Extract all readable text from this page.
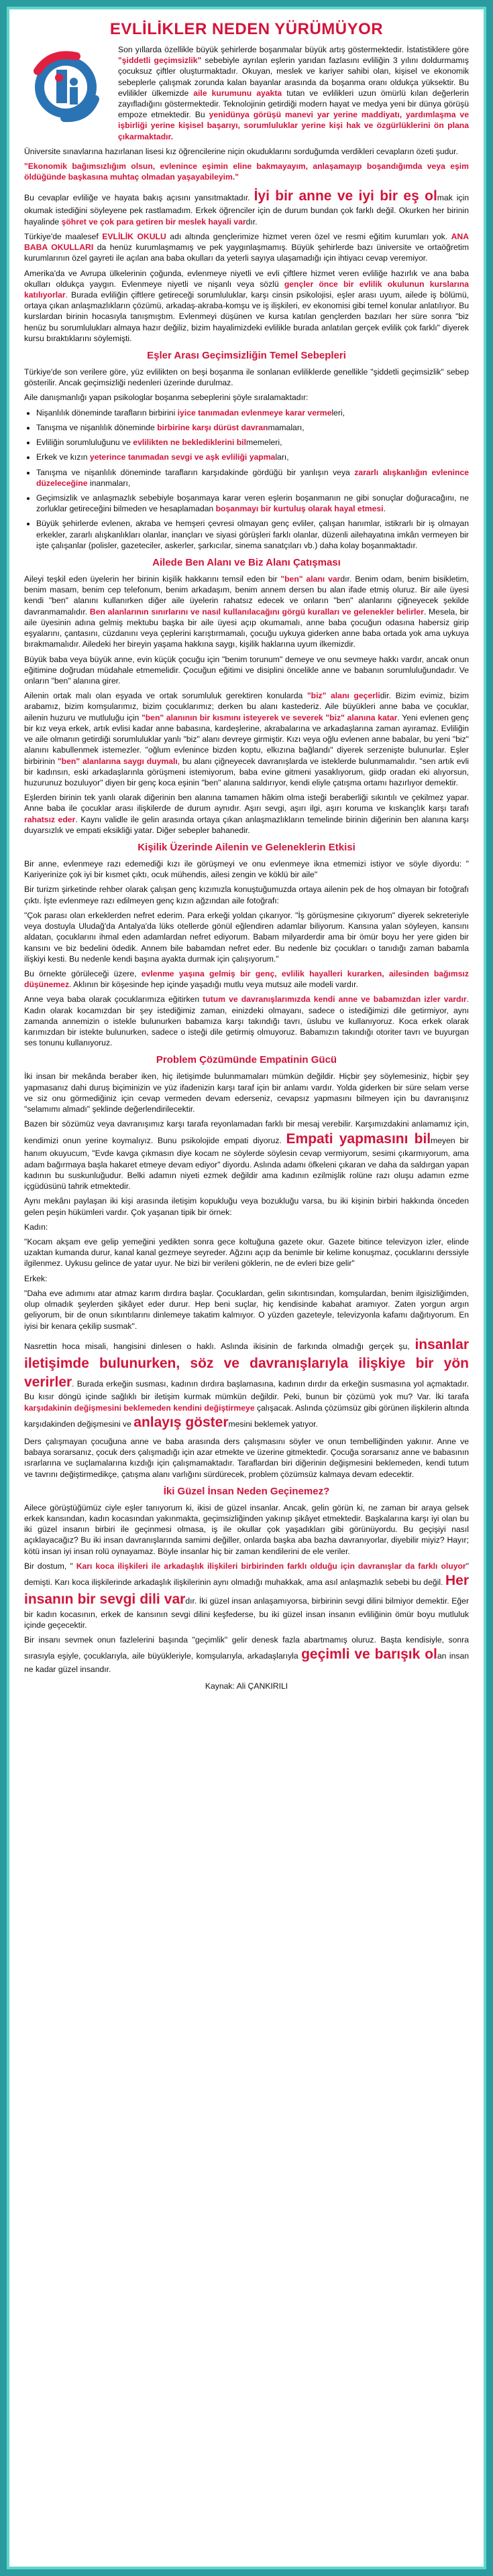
EVLİLİKLER NEDEN YÜRÜMÜYOR

Son yıllarda özellikle büyük şehirlerde boşanmalar büyük artış göstermektedir. İstatistiklere göre "şiddetli geçimsizlik" sebebiyle ayrılan eşlerin yarıdan fazlasını evliliğin 3 yılını doldurmamış çocuksuz çiftler oluşturmaktadır. Okuyan, meslek ve kariyer sahibi olan, kişisel ve ekonomik sebeplerle çalışmak zorunda kalan bayanlar arasında da boşanma oranı oldukça yüksektir. Bu evlilikler ülkemizde aile kurumunu ayakta tutan ve evlilikleri uzun ömürlü kılan değerlerin zayıfladığını göstermektedir. Teknolojinin getirdiği modern hayat ve medya yeni bir dünya görüşü empoze etmektedir. Bu yenidünya görüşü manevi yar yerine maddiyatı, yardımlaşma ve işbirliği yerine kişisel başarıyı, sorumluluklar yerine kişi hak ve özgürlüklerini ön plana çıkarmaktadır.

Üniversite sınavlarına hazırlanan lisesi kız öğrencilerine niçin okuduklarını sorduğumda verdikleri cevapların özeti şudur.

"Ekonomik bağımsızlığım olsun, evlenince eşimin eline bakmayayım, anlaşamayıp boşandığımda veya eşim öldüğünde başkasına muhtaç olmadan yaşayabileyim."

Bu cevaplar evliliğe ve hayata bakış açısını yansıtmaktadır. İyi bir anne ve iyi bir eş olmak için okumak istediğini söyleyene pek rastlamadım. Erkek öğrenciler için de durum bundan çok farklı değil. Okurken her birinin hayalinde şöhret ve çok para getiren bir meslek hayali vardır.

Türkiye'de maalesef EVLİLİK OKULU adı altında gençlerimize hizmet veren özel ve resmi eğitim kurumları yok. ANA BABA OKULLARI da henüz kurumlaşmamış ve pek yaygınlaşmamış. Büyük şehirlerde bazı üniversite ve ortaöğretim kurumlarının özel gayreti ile açılan ana baba okulları da yeterli sayıya ulaşamadığı için ihtiyacı cevap veremiyor.

Amerika'da ve Avrupa ülkelerinin çoğunda, evlenmeye niyetli ve evli çiftlere hizmet veren evliliğe hazırlık ve ana baba okulları oldukça yaygın. Evlenmeye niyetli ve nişanlı veya sözlü gençler önce bir evlilik okulunun kurslarına katılıyorlar. Burada evliliğin çiftlere getireceği sorumluluklar, karşı cinsin psikolojisi, eşler arası uyum, ailede iş bölümü, ortaya çıkan anlaşmazlıkların çözümü, arkadaş-akraba-komşu ve iş ilişkileri, ev ekonomisi gibi temel konular anlatılıyor. Bu kurslardan birinin hocasıyla tanışmıştım. Evlenmeyi düşünen ve kursa katılan gençlerden bazıları her süre sonra "biz henüz bu sorumlulukları almaya hazır değiliz, bizim hayalimizdeki evlilikle burada anlatılan gerçek evlilik çok farklı" diyerek kursu bıraktıklarını söylemişti.

Eşler Arası Geçimsizliğin Temel Sebepleri

Türkiye'de son verilere göre, yüz evlilikten on beşi boşanma ile sonlanan evliliklerde genellikle "şiddetli geçimsizlik" sebep gösterilir. Ancak geçimsizliği nedenleri üzerinde durulmaz.

Aile danışmanlığı yapan psikologlar boşanma sebeplerini şöyle sıralamaktadır:

• Nişanlılık döneminde tarafların birbirini iyice tanımadan evlenmeye karar vermeleri,
• Tanışma ve nişanlılık döneminde birbirine karşı dürüst davranmamaları,
• Evliliğin sorumluluğunu ve evlilikten ne beklediklerini bilmemeleri,
• Erkek ve kızın yeterince tanımadan sevgi ve aşk evliliği yapmaları,
• Tanışma ve nişanlılık döneminde tarafların karşıdakinde gördüğü bir yanlışın veya zararlı alışkanlığın evlenince düzeleceğine inanmaları,
• Geçimsizlik ve anlaşmazlık sebebiyle boşanmaya karar veren eşlerin boşanmanın ne gibi sonuçlar doğuracağını, ne zorluklar getireceğini bilmeden ve hesaplamadan boşanmayı bir kurtuluş olarak hayal etmesi.
• Büyük şehirlerde evlenen, akraba ve hemşeri çevresi olmayan genç evliler, çalışan hanımlar, istikrarlı bir iş olmayan erkekler, zararlı alışkanlıkları olanlar, inançları ve siyasi görüşleri farklı olanlar, düzenli ailehayatına imkân vermeyen bir işte çalışanlar (polisler, gazeteciler, askerler, şarkıcılar, sinema sanatçıları vb.) daha kolay boşanmaktadır.
Ailede Ben Alanı ve Biz Alanı Çatışması

Aileyi teşkil eden üyelerin her birinin kişilik hakkarını temsil eden bir "ben" alanı vardır. Benim odam, benim bisikletim, benim masam, benim cep telefonum, benim arkadaşım, benim annem dersen bu alan ifade etmiş oluruz. Bir aile üyesi kendi "ben" alanını kullanırken diğer aile üyelerin rahatsız edecek ve onların "ben" alanlarını çiğneyecek şekilde davranmamalıdır. Ben alanlarının sınırlarını ve nasıl kullanılacağını görgü kuralları ve gelenekler belirler. Mesela, bir aile üyesinin adına gelmiş mektubu başka bir aile üyesi açıp okumamalı, anne baba çocuğun odasına habersiz girip eşyalarını, çantasını, cüzdanını veya çeplerini karıştırmamalı, çocuğu uykuya giderken anne baba ortada yok ama uykuya bırakmamalıdır. Ailedeki her bireyin yaşama hakkına saygı, kişilik haklarına uyum ilkemizdir.

Büyük baba veya büyük anne, evin küçük çocuğu için "benim torunum" demeye ve onu sevmeye hakkı vardır, ancak onun eğitimine doğrudan müdahale etmemelidir. Çocuğun eğitimi ve disiplini öncelikle anne ve babanın sorumluluğundadır. Ve onların "ben" alanına girer.

Ailenin ortak malı olan eşyada ve ortak sorumluluk gerektiren konularda "biz" alanı geçerlidir. Bizim evimiz, bizim arabamız, bizim komşularımız, bizim çocuklarımız; derken bu alanı kastederiz. Aile büyükleri anne baba ve çocuklar, ailenin huzuru ve mutluluğu için "ben" alanının bir kısmını isteyerek ve severek "biz" alanına katar. Yeni evlenen genç bir kız veya erkek, artık evlisi kadar anne babasına, kardeşlerine, akrabalarına ve arkadaşlarına zaman ayıramaz. Evliliğin ve aile olmanın getirdiği sorumluluklar yanlı "biz" alanı devreye girmiştir. Kızı veya oğlu evlenen anne babalar, bu yeni "biz" alanını kabullenmek istemezler. "oğlum evlenince bizden koptu, elkızına bağlandı" diyerek serzenişte bulunurlar. Eşler birbirinin "ben" alanlarına saygı duymalı, bu alanı çiğneyecek davranışlarda ve isteklerde bulunmamalıdır. "sen artık evli bir kadınsın, eski arkadaşlarınla görüşmeni istemiyorum, baba evine gitmeni yasaklıyorum, giidp oradan eki alıyorsun, huzurunuz bozuluyor" diyen bir genç koca eşinin "ben" alanına saldırıyor, kendi eliyle çatışma ortamı hazırlıyor demektir.

Eşlerden birinin tek yanlı olarak diğerinin ben alanına tamamen hâkim olma isteği beraberliği sıkıntılı ve çekilmez yapar. Anne baba ile çocuklar arası ilişkilerde de durum aynıdır. Aşırı sevgi, aşırı ilgi, aşırı koruma ve kıskançlık karşı tarafı rahatsız eder. Kaynı validle ile gelin arasında ortaya çıkan anlaşmazlıkların temelinde birinin diğerinin ben alanına karşı duyarsızlık ve empati eksikliği yatar. Diğer sebepler bahanedir.

Kişilik Üzerinde Ailenin ve Geleneklerin Etkisi

Bir anne, evlenmeye razı edemediği kızı ile görüşmeyi ve onu evlenmeye ikna etmemizi istiyor ve söyle diyordu: " Kariyerinize çok iyi bir kısmet çıktı, ocuk mühendis, ailesi zengin ve köklü bir aile"

Bir turizm şirketinde rehber olarak çalışan genç kızımızla konuştuğumuzda ortaya ailenin pek de hoş olmayan bir fotoğrafı çıktı. İşte evlenmeye razı edilmeyen genç kızın ağzından aile fotoğrafı:

"Çok parası olan erkeklerden nefret ederim. Para erkeği yoldan çıkarıyor. "İş görüşmesine çıkıyorum" diyerek sekreteriyle veya dostuyla Uludağ'da Antalya'da lüks otellerde gönül eğlendiren adamlar biliyorum. Kansına yalan söyleyen, kansını aldatan, çocuklarını ihmal eden adamlardan nefret ediyorum. Babam milyarderdir ama bir ömür boyu her yere giden bir kansını ve biz bedelini ödedik. Annem bile babamdan nefret eder. Bu nedenle biz çocukları o tanıdığı zaman babamla ilişkiyi kesti. Bu nedenle kendi başına ayakta durmak için çalışıyorum."

Bu örnekte görüleceği üzere, evlenme yaşına gelmiş bir genç, evlilik hayalleri kurarken, ailesinden bağımsız düşünemez. Aklının bir köşesinde hep içinde yaşadığı mutlu veya mutsuz aile modeli vardır.

Anne veya baba olarak çocuklarımıza eğitirken tutum ve davranışlarımızda kendi anne ve babamızdan izler vardır. Kadın olarak kocamızdan bir şey istediğimiz zaman, einizdeki olmayanı, sadece o istediğimizi dile getirmiyor, aynı zamanda annemizin o istekle bulunurken babamıza karşı takındığı tavrı, üslubu ve kullanıyoruz. Koca erkek olarak karımızdan bir istekte bulunurken, sadece o isteği dile getirmiş olmuyoruz. Babamızın takındığı otoriter tavrı ve buyurgan ses tonunu kullanıyoruz.

Problem Çözümünde Empatinin Gücü

İki insan bir mekânda beraber iken, hiç iletişimde bulunmamaları mümkün değildir. Hiçbir şey söylemesiniz, hiçbir şey yapmasanız dahi duruş biçiminizin ve yüz ifadenizin karşı taraf için bir anlamı vardır. Yolda giderken bir süre selam verse ve siz onu görmediğiniz için cevap vermeden devam ederseniz, cevapsız yapmasını bilmeyen için bu davranışınız "selamımı almadı" şeklinde değerlendirilecektir.

Bazen bir sözümüz veya davranışımız karşı tarafa reyonlamadan farklı bir mesaj verebilir. Karşımızdakini anlamamız için, kendimizi onun yerine koymalıyız. Bunu psikolojide empati diyoruz. Empati yapmasını bilmeyen bir hanım okuyucum, "Evde kavga çıkmasın diye kocam ne söylerde söylesin cevap vermiyorum, sesimi çıkarmıyorum, ama adam bağırmaya başla hakaret etmeye devam ediyor" diyordu. Aslında adamı öfkeleni çıkaran ve daha da saldırgan yapan kadının bu suskunluğudur. Belki adamın niyeti ezmek değildir ama kadının ezilmişlik rolüne razı oluşu adamın ezme içgüdüsünü tahrik etmektedir.

Aynı mekânı paylaşan iki kişi arasında iletişim kopukluğu veya bozukluğu varsa, bu iki kişinin birbiri hakkında önceden gelen peşin hükümleri vardır. Çok yaşanan tipik bir örnek:

Kadın:

"Kocam akşam eve gelip yemeğini yedikten sonra gece koltuğuna gazete okur. Gazete bitince televizyon izler, elinde uzaktan kumanda durur, kanal kanal gezmeye seyreder. Ağzını açıp da benimle bir kelime konuşmaz, çocuklarını derssiyle ilgilenmez. Uykusu gelince de yatar uyur. Ne bizi bir verileni göklerin, ne de evleri bize gelir"

Erkek:

"Daha eve adımımı atar atmaz karım dırdıra başlar. Çocuklardan, gelin sıkıntısından, komşulardan, benim ilgisizliğimden, olup olmadık şeylerden şikâyet eder durur. Hep beni suçlar, hiç kendisinde kabahat aramıyor. Zaten yorgun argın geliyorum, bir de onun sıkıntılarını dinlemeye takatim kalmıyor. O yüzden gazeteyle, televizyonla kafamı dağıtıyorum. En iyisi bir kenara çekilip susmak".

Nasrettin hoca misali, hangisini dinlesen o haklı. Aslında ikisinin de farkında olmadığı gerçek şu, insanlar iletişimde bulunurken, söz ve davranışlarıyla ilişkiye bir yön verirler. Burada erkeğin susması, kadının dırdıra başlamasına, kadının dırdır da erkeğin susmasına yol açmaktadır. Bu kısır döngü içinde sağlıklı bir iletişim kurmak mümkün değildir. Peki, bunun bir çözümü yok mu? Var. İki tarafa karşıdakinin değişmesini beklemeden kendini değiştirmeye çalışacak. Aslında çözümsüz gibi görünen ilişkilerin altında karşıdakinden değişmesini ve anlayış göstermesini beklemek yatıyor.

Ders çalışmayan çocuğuna anne ve baba arasında ders çalışmasını söyler ve onun tembelliğinden yakınır. Anne ve babaya sorarsanız, çocuk ders çalışmadığı için azar etmekte ve üzerine gitmektedir. Çocuğa sorarsanız anne ve babasının ısrarlarına ve suçlamalarına kızdığı için çalışmamaktadır. Taraflardan biri diğerinin değişmesini beklemeden, kendi tutum ve tavrını değiştirmedikçe, çatışma alanı varlığını sürdürecek, problem çözümsüz kalmaya devam edecektir.

İki Güzel İnsan Neden Geçinemez?

Ailece görüştüğümüz ciyle eşler tanıyorum ki, ikisi de güzel insanlar. Ancak, gelin görün ki, ne zaman bir araya gelsek erkek kansından, kadın kocasından yakınmakta, geçimsizliğinden yakınıp şikâyet etmektedir. Başkalarına karşı iyi olan bu iki güzel insanın birbiri ile geçinmesi olmasa, iş ile okullar çok yaşadıkları gibi görünüyordu. Bu geçişiyi nasıl açıklayacağız? Bu iki insan davranışlarında samimi değiller, onlarda başka aba bazha davranıyorlar, diyebilir miyiz? Hayır; kötü insan iyi insan rolü oynayamaz. Böyle insanlar hiç bir zaman kendilerini de ele veriler.

Bir dostum, " Karı koca ilişkileri ile arkadaşlık ilişkileri birbirinden farklı olduğu için davranışlar da farklı oluyor" demişti. Karı koca ilişkilerinde arkadaşlık ilişkilerinin aynı olmadığı muhakkak, ama asıl anlaşmazlık sebebi bu değil. Her insanın bir sevgi dili vardır. İki güzel insan anlaşamıyorsa, birbirinin sevgi dilini bilmiyor demektir. Eğer bir kadın kocasının, erkek de kansının sevgi dilini keşfederse, bu iki güzel insan insanın evliliğinin ömür boyu mutluluk içinde geçecektir.

Bir insanı sevmek onun fazlelerini başında "geçimlik" gelir denesk fazla abartmamış oluruz. Başta kendisiyle, sonra sırasıyla eşiyle, çocuklarıyla, aile büyükleriyle, komşularıyla, arkadaşlarıyla geçimli ve barışık olan insan ne kadar güzel insandır.

Kaynak: Ali ÇANKIRILI
